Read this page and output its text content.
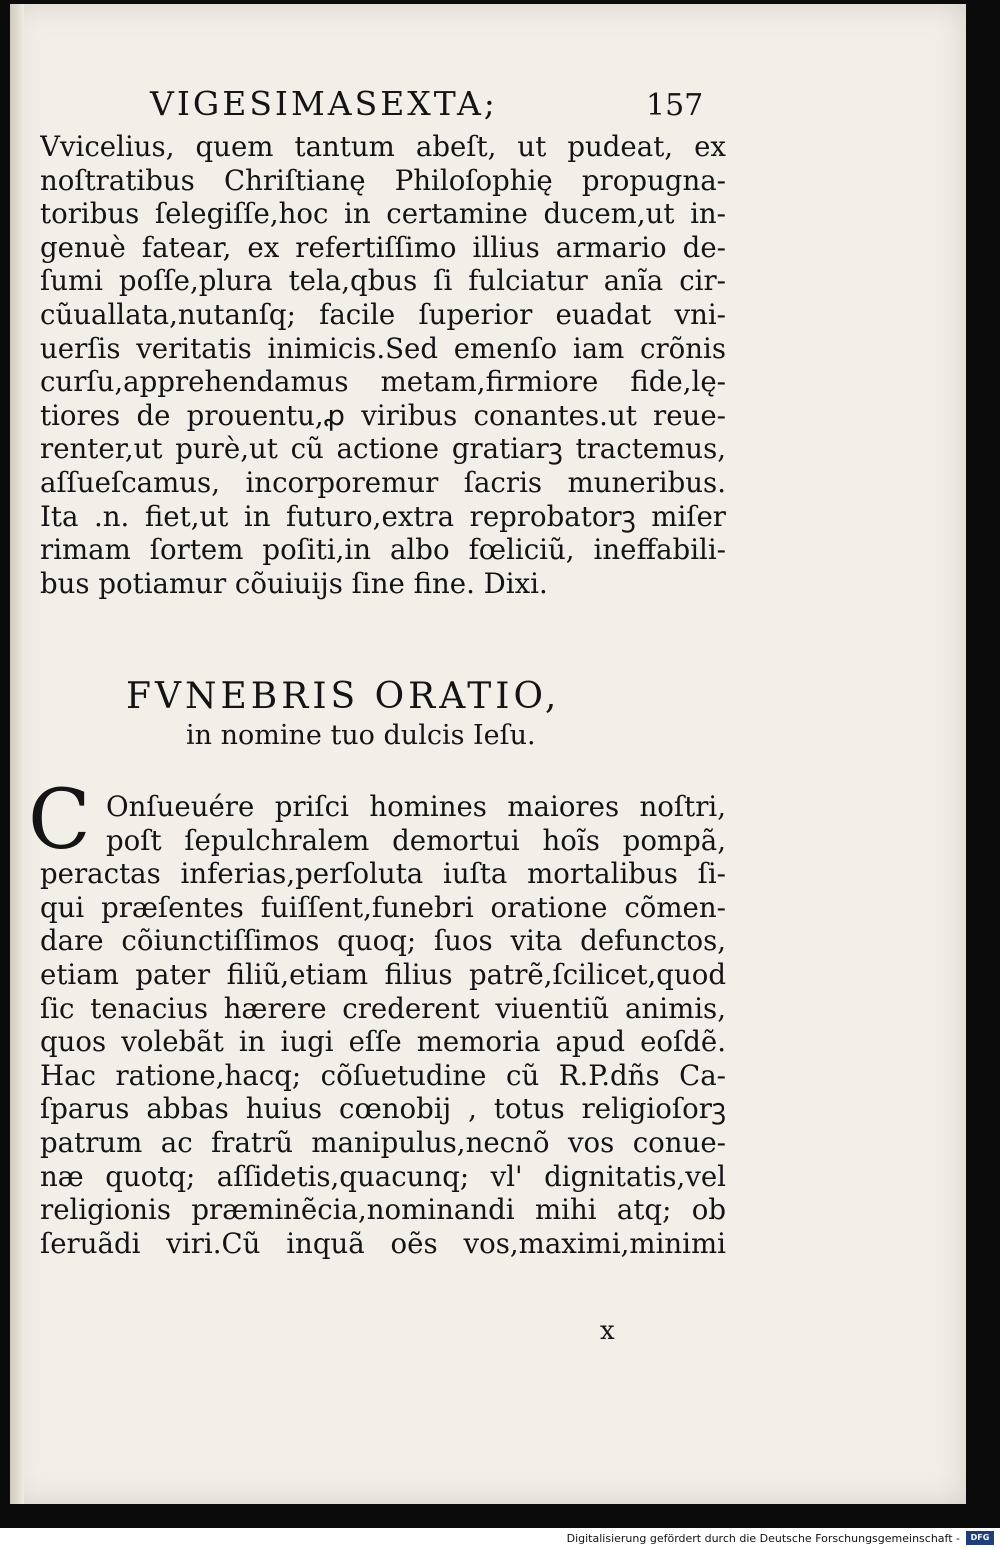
VIGESIMASEXTA;	157
Vvicelius, quem tantum abeſt, ut pudeat, ex
noſtratibus Chriſtianę Philoſophię propugna-
toribus ſelegiſſe,hoc in certamine ducem,ut in-
genuè fatear, ex refertiſſimo illius armario de-
ſumi poſſe,plura tela,qbus ſi fulciatur anĩa cir-
cũuallata,nutanſq; facile ſuperior euadat vni-
uerſis veritatis inimicis.Sed emenſo iam crõnis
curſu,apprehendamus metam,firmiore fide,lę-
tiores de prouentu,ꝓ viribus conantes.ut reue-
renter,ut purè,ut cũ actione gratiarꝫ tractemus,
aſſueſcamus, incorporemur ſacris muneribus.
Ita .n. fiet,ut in futuro,extra reprobatorꝫ miſer
rimam ſortem poſiti,in albo fœliciũ, ineffabili-
bus potiamur cõuiuijs ſine fine. Dixi.
FVNEBRIS ORATIO,
in nomine tuo dulcis Ieſu.
C Onſueuére priſci homines maiores noſtri,
poſt ſepulchralem demortui hoĩs pompã,
peractas inferias,perſoluta iuſta mortalibus ſi-
qui præſentes fuiſſent,funebri oratione cõmen-
dare cõiunctiſſimos quoq; ſuos vita defunctos,
etiam pater filiũ,etiam filius patrẽ,ſcilicet,quod
ſic tenacius hærere crederent viuentiũ animis,
quos volebãt in iugi eſſe memoria apud eoſdẽ.
Hac ratione,hacq; cõſuetudine cũ R.P.dñs Ca-
ſparus abbas huius cœnobij , totus religioſorꝫ
patrum ac fratrũ manipulus,necnõ vos conue-
næ quotq; aſſidetis,quacunq; vl' dignitatis,vel
religionis præminẽcia,nominandi mihi atq; ob
ſeruãdi viri.Cũ inquã oẽs vos,maximi,minimi
x
Digitalisierung gefördert durch die Deutsche Forschungsgemeinschaft -	DFG
